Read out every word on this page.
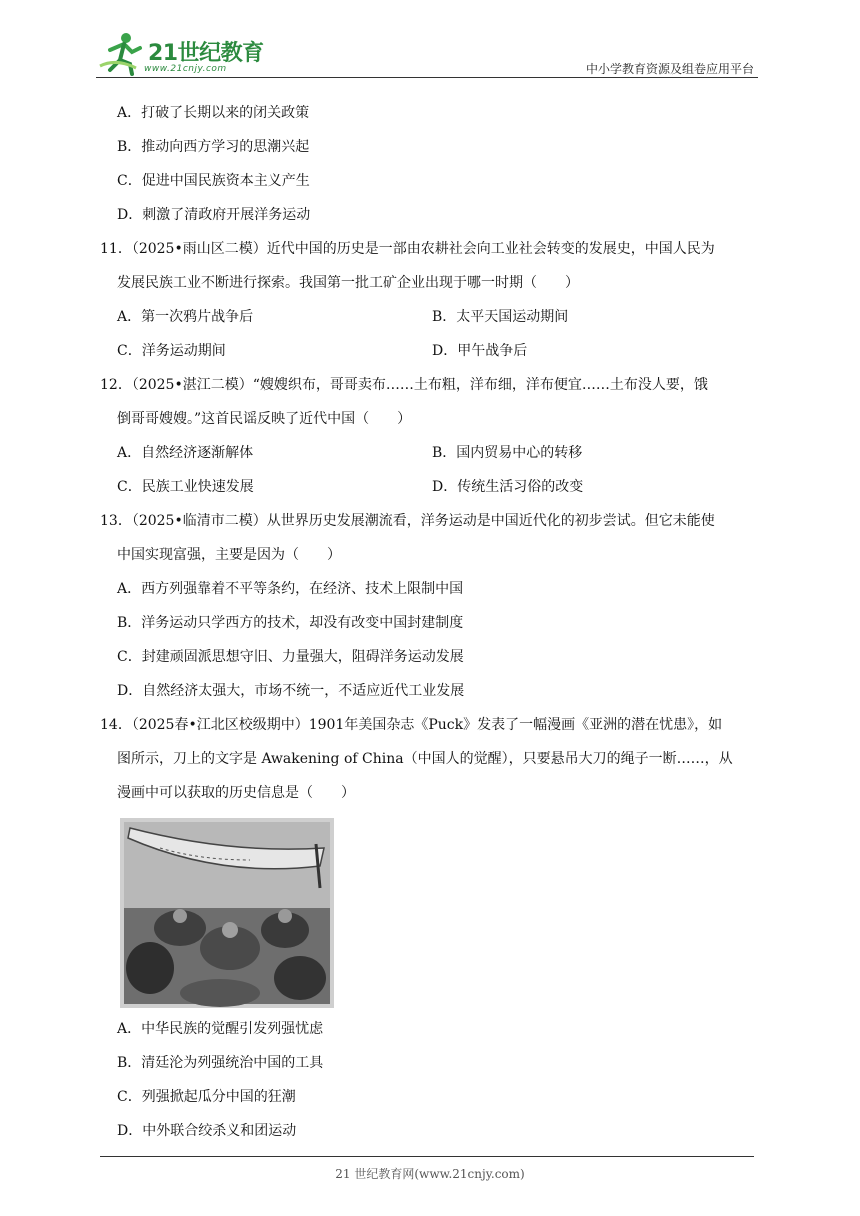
21世纪教育
www.21cnjy.com	中小学教育资源及组卷应用平台
A．打破了长期以来的闭关政策
B．推动向西方学习的思潮兴起
C．促进中国民族资本主义产生
D．刺激了清政府开展洋务运动
11．（2025•雨山区二模）近代中国的历史是一部由农耕社会向工业社会转变的发展史，中国人民为
发展民族工业不断进行探索。我国第一批工矿企业出现于哪一时期（　　）
A．第一次鸦片战争后	B．太平天国运动期间
C．洋务运动期间	D．甲午战争后
12．（2025•湛江二模）“嫂嫂织布，哥哥卖布……土布粗，洋布细，洋布便宜……土布没人要，饿
倒哥哥嫂嫂。”这首民谣反映了近代中国（　　）
A．自然经济逐渐解体	B．国内贸易中心的转移
C．民族工业快速发展	D．传统生活习俗的改变
13．（2025•临清市二模）从世界历史发展潮流看，洋务运动是中国近代化的初步尝试。但它未能使
中国实现富强，主要是因为（　　）
A．西方列强靠着不平等条约，在经济、技术上限制中国
B．洋务运动只学西方的技术，却没有改变中国封建制度
C．封建顽固派思想守旧、力量强大，阻碍洋务运动发展
D．自然经济太强大，市场不统一，不适应近代工业发展
14．（2025春•江北区校级期中）1901年美国杂志《Puck》发表了一幅漫画《亚洲的潜在忧患》，如
图所示，刀上的文字是 Awakening of China（中国人的觉醒），只要悬吊大刀的绳子一断……，从
漫画中可以获取的历史信息是（　　）
A．中华民族的觉醒引发列强忧虑
B．清廷沦为列强统治中国的工具
C．列强掀起瓜分中国的狂潮
D．中外联合绞杀义和团运动
21 世纪教育网(www.21cnjy.com)
